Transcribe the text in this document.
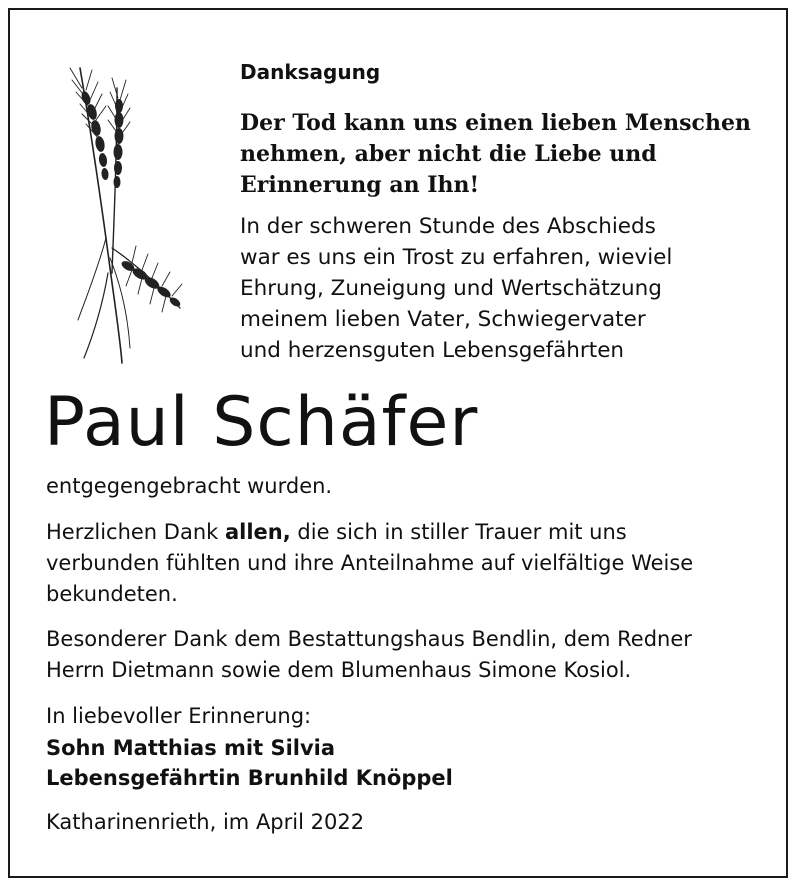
Danksagung
Der Tod kann uns einen lieben Menschen
nehmen, aber nicht die Liebe und
Erinnerung an Ihn!
In der schweren Stunde des Abschieds
war es uns ein Trost zu erfahren, wieviel
Ehrung, Zuneigung und Wertschätzung
meinem lieben Vater, Schwiegervater
und herzensguten Lebensgefährten
Paul Schäfer

entgegengebracht wurden.

Herzlichen Dank allen, die sich in stiller Trauer mit uns
verbunden fühlten und ihre Anteilnahme auf vielfältige Weise
bekundeten.
Besonderer Dank dem Bestattungshaus Bendlin, dem Redner
Herrn Dietmann sowie dem Blumenhaus Simone Kosiol.

In liebevoller Erinnerung:

Sohn Matthias mit Silvia
Lebensgefährtin Brunhild Knöppel

Katharinenrieth, im April 2022
